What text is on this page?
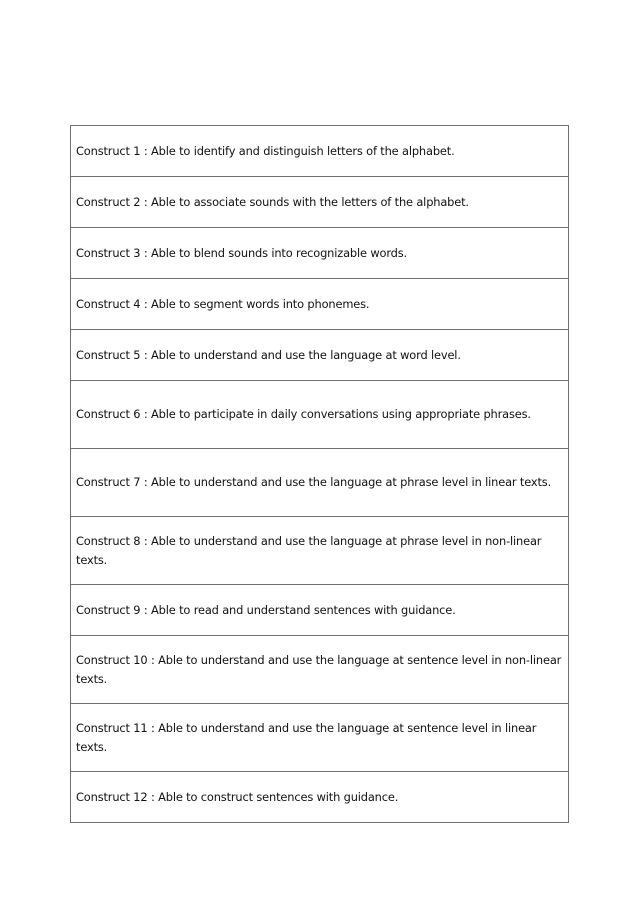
Construct 1 : Able to identify and distinguish letters of the alphabet.
Construct 2 : Able to associate sounds with the letters of the alphabet.
Construct 3 : Able to blend sounds into recognizable words.
Construct 4 : Able to segment words into phonemes.
Construct 5 : Able to understand and use the language at word level.
Construct 6 : Able to participate in daily conversations using appropriate phrases.
Construct 7 : Able to understand and use the language at phrase level in linear texts.
Construct 8 : Able to understand and use the language at phrase level in non-linear texts.
Construct 9 : Able to read and understand sentences with guidance.
Construct 10 : Able to understand and use the language at sentence level in non-linear texts.
Construct 11 : Able to understand and use the language at sentence level in linear texts.
Construct 12 : Able to construct sentences with guidance.
